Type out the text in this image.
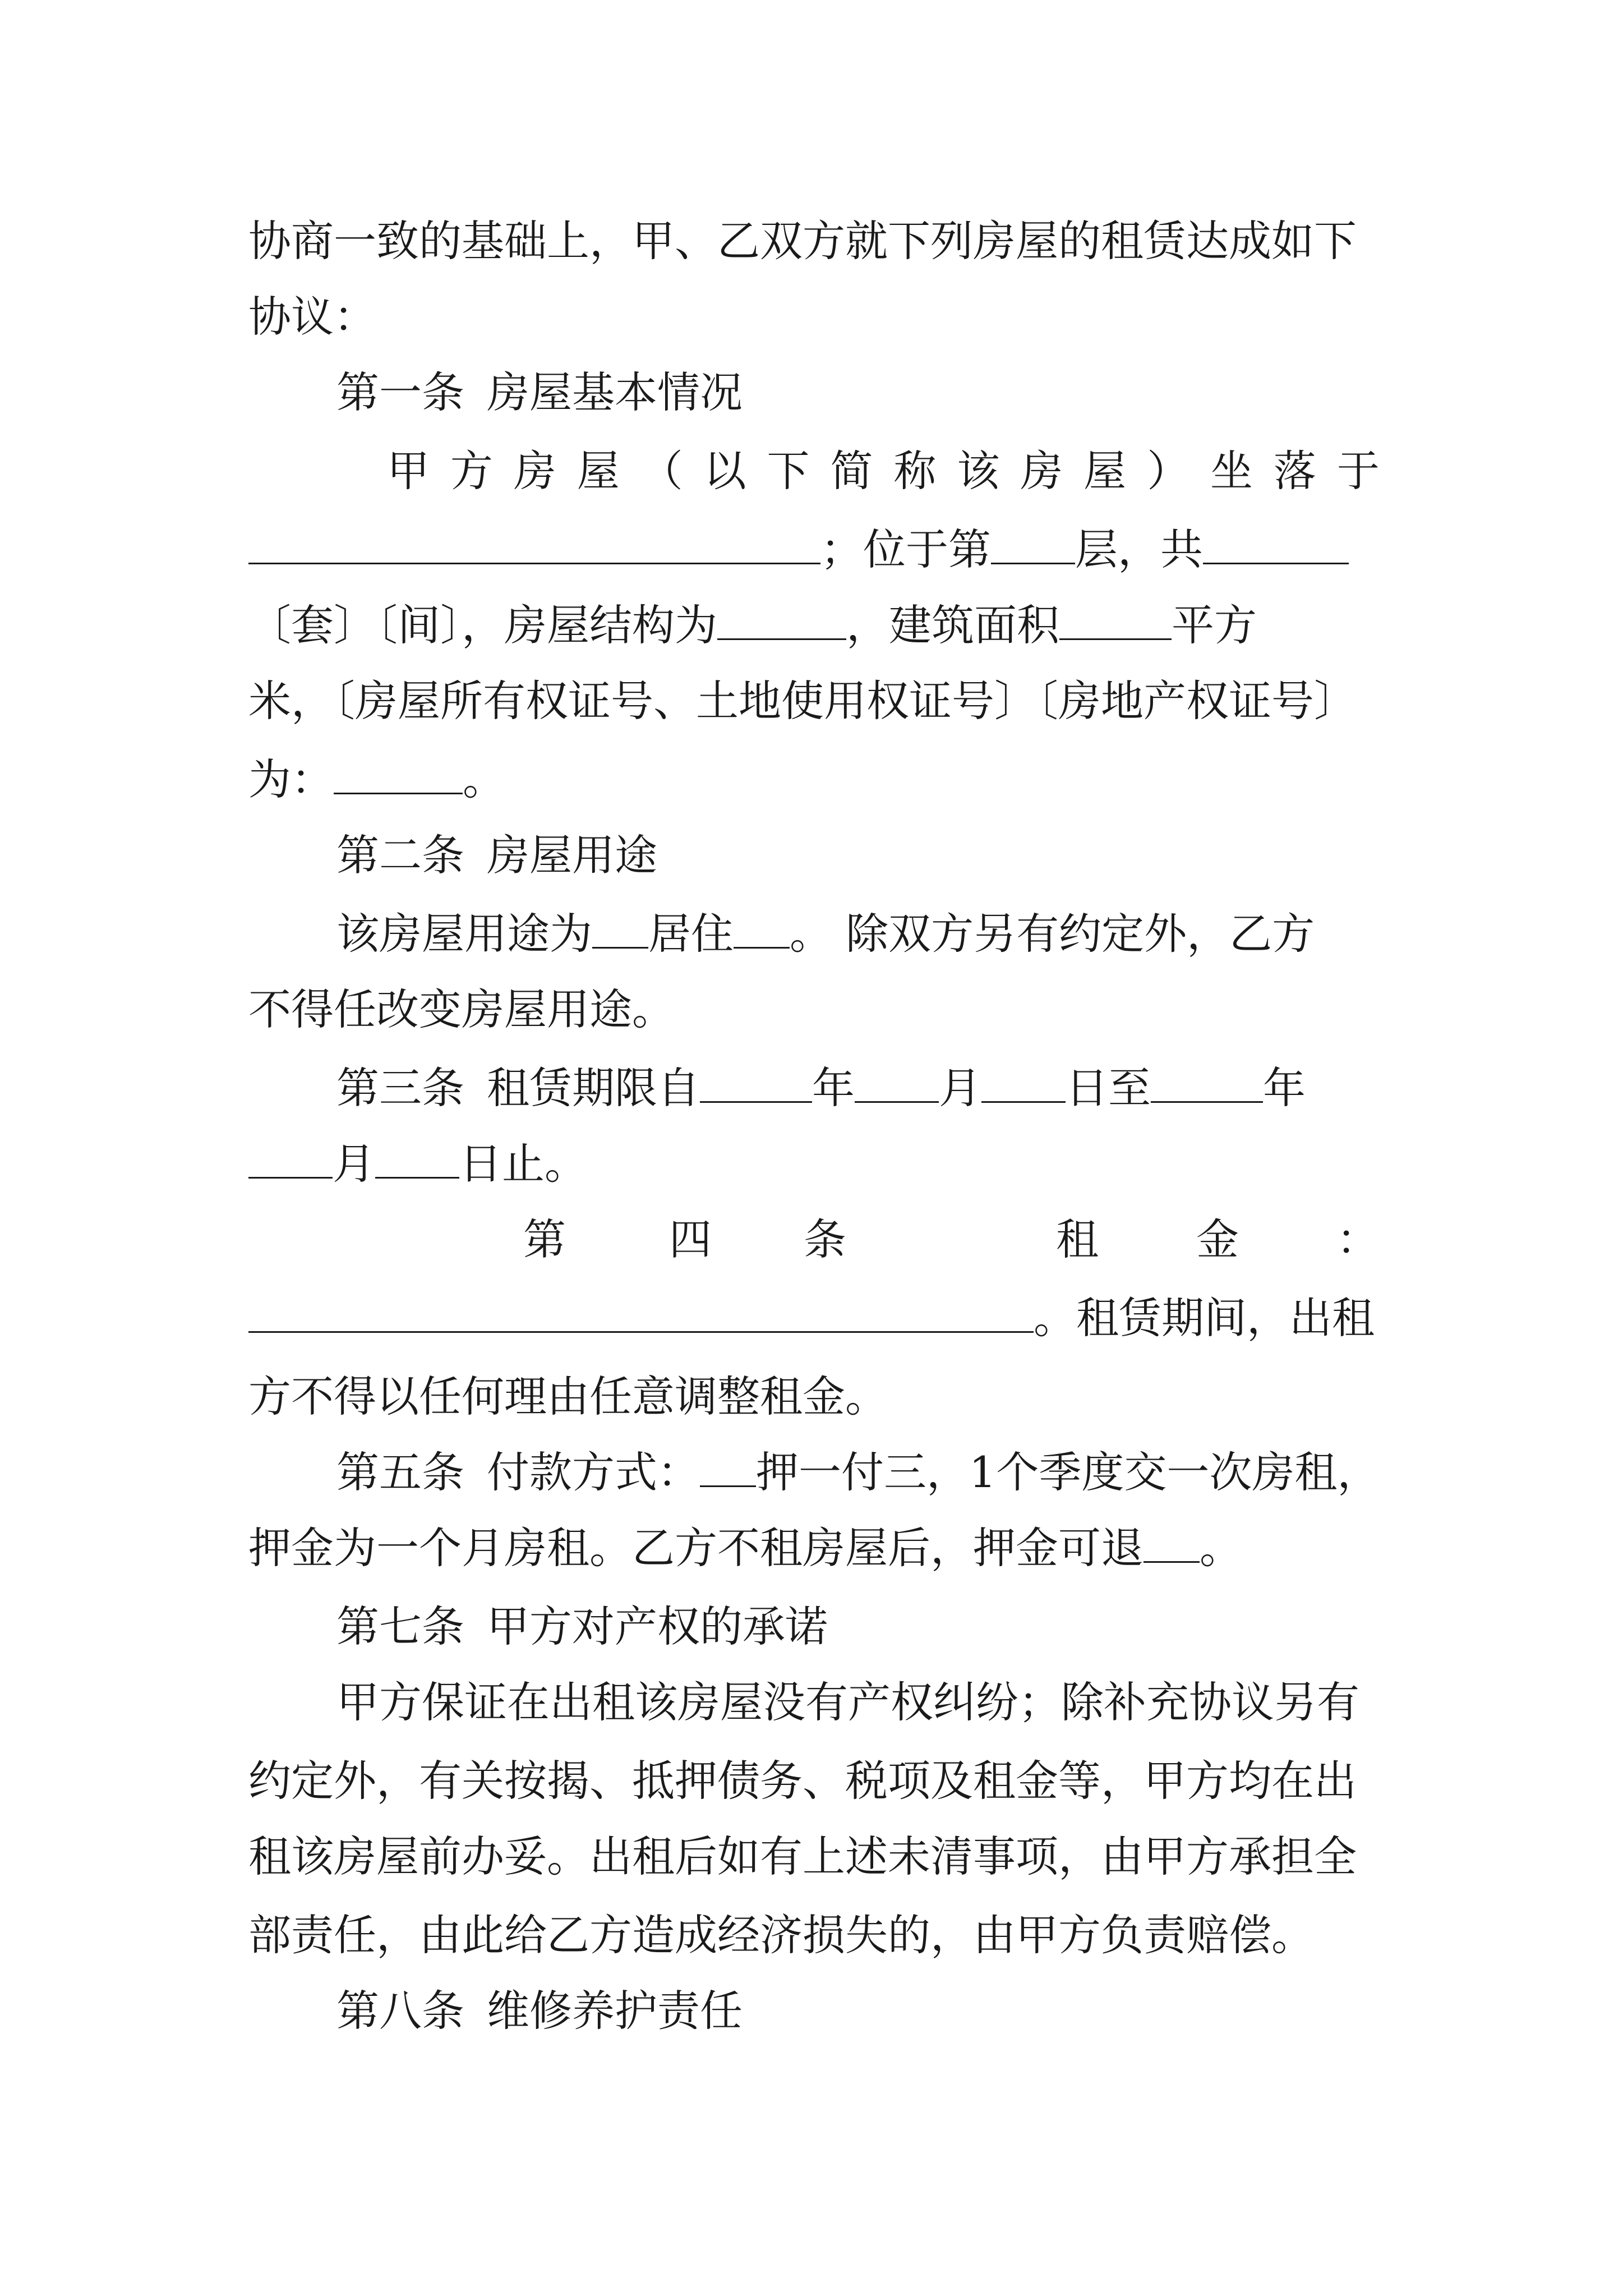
协商一致的基础上，甲、乙双方就下列房屋的租赁达成如下
协议：
第一条 房屋基本情况
甲 方 房 屋 （ 以 下 简 称 该 房 屋 ） 坐 落 于
；位于第 层，共
〔套〕〔间〕，房屋结构为	，建筑面积	平方
米，〔房屋所有权证号、土地使用权证号〕〔房地产权证号〕
为：	。
第二条 房屋用途
该房屋用途为 居住 。 除双方另有约定外，乙方
不得任改变房屋用途。
第三条 租赁期限自	年 月 日至	年
月 日止。
第 四 条	租 金 ：
。租赁期间，出租
方不得以任何理由任意调整租金。
第五条 付款方式： 押一付三，1个季度交一次房租，
押金为一个月房租。乙方不租房屋后，押金可退 。
第七条 甲方对产权的承诺
甲方保证在出租该房屋没有产权纠纷；除补充协议另有
约定外，有关按揭、抵押债务、税项及租金等，甲方均在出
租该房屋前办妥。出租后如有上述未清事项，由甲方承担全
部责任，由此给乙方造成经济损失的，由甲方负责赔偿。
第八条 维修养护责任
